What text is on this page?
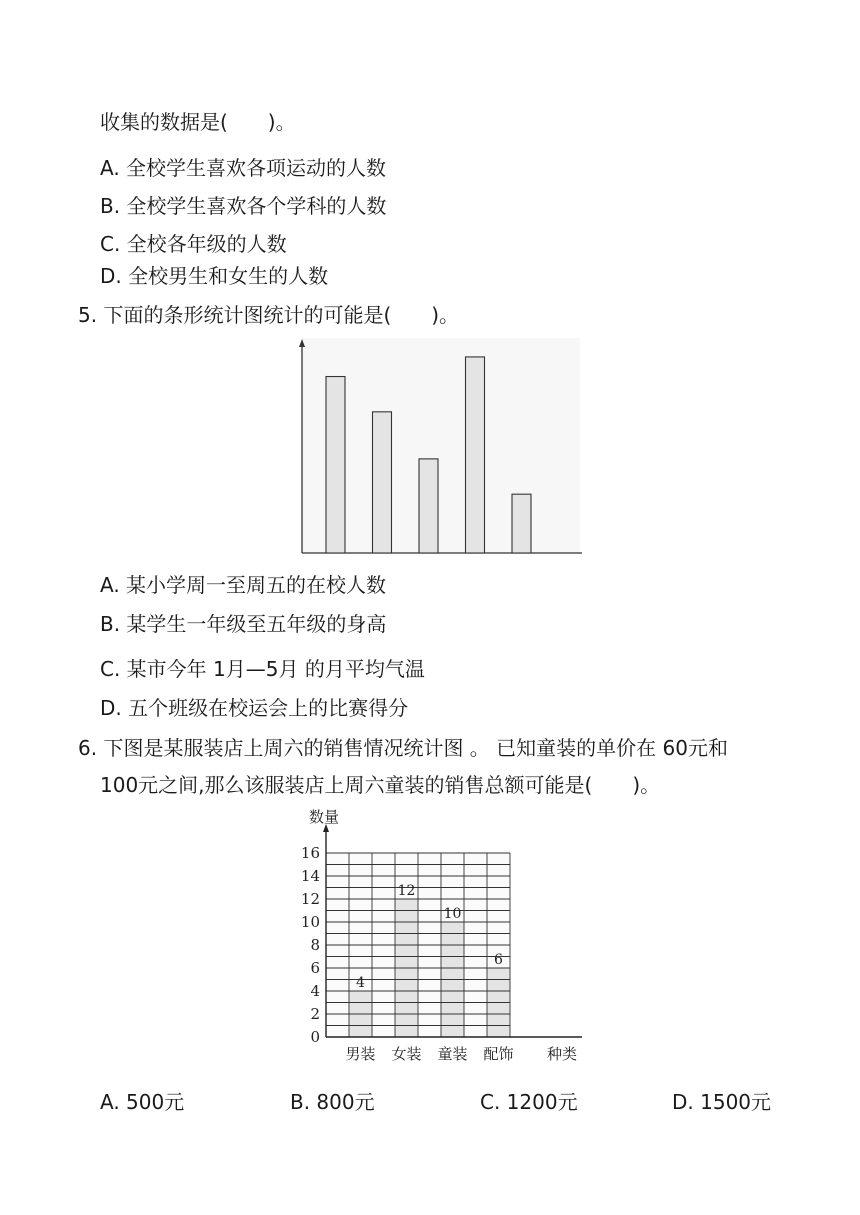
收集的数据是(　　)。
A. 全校学生喜欢各项运动的人数
B. 全校学生喜欢各个学科的人数
C. 全校各年级的人数
D. 全校男生和女生的人数
5. 下面的条形统计图统计的可能是(　　)。
A. 某小学周一至周五的在校人数
B. 某学生一年级至五年级的身高
C. 某市今年 1月—5月 的月平均气温
D. 五个班级在校运会上的比赛得分
6. 下图是某服装店上周六的销售情况统计图 。 已知童装的单价在 60元和
100元之间,那么该服装店上周六童装的销售总额可能是(　　)。
0
2
4
6
8
10
12
14
16
4
12
10
6
男装 女装 童装 配饰
数量
种类
A. 500元	B. 800元	C. 1200元	D. 1500元
